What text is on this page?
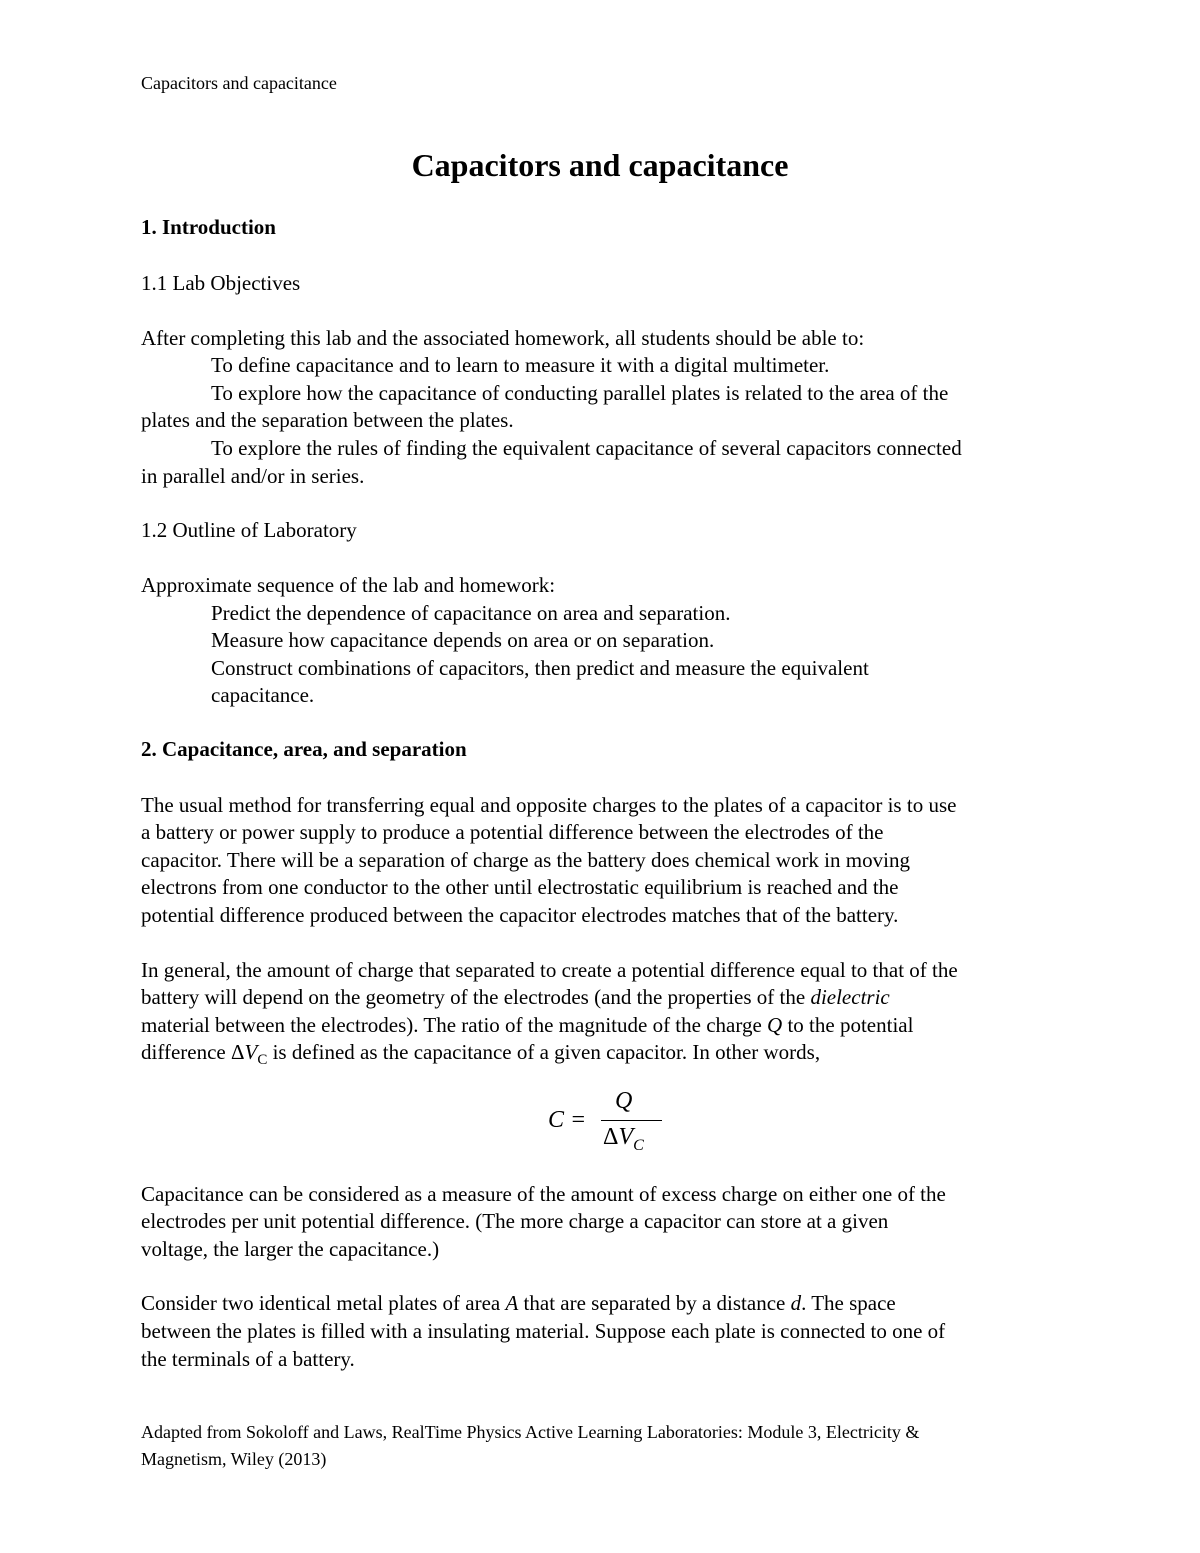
Capacitors and capacitance

Capacitors and capacitance

1. Introduction

1.1 Lab Objectives

After completing this lab and the associated homework, all students should be able to:

To define capacitance and to learn to measure it with a digital multimeter.

To explore how the capacitance of conducting parallel plates is related to the area of the

plates and the separation between the plates.

To explore the rules of finding the equivalent capacitance of several capacitors connected

in parallel and/or in series.

1.2 Outline of Laboratory

Approximate sequence of the lab and homework:

Predict the dependence of capacitance on area and separation.

Measure how capacitance depends on area or on separation.

Construct combinations of capacitors, then predict and measure the equivalent

capacitance.

2. Capacitance, area, and separation

The usual method for transferring equal and opposite charges to the plates of a capacitor is to use

a battery or power supply to produce a potential difference between the electrodes of the

capacitor. There will be a separation of charge as the battery does chemical work in moving

electrons from one conductor to the other until electrostatic equilibrium is reached and the

potential difference produced between the capacitor electrodes matches that of the battery.

In general, the amount of charge that separated to create a potential difference equal to that of the

battery will depend on the geometry of the electrodes (and the properties of the dielectric

material between the electrodes). The ratio of the magnitude of the charge Q to the potential

difference $\Delta V_C$ is defined as the capacitance of a given capacitor. In other words,

C =
Q
$\Delta V_C$

Capacitance can be considered as a measure of the amount of excess charge on either one of the

electrodes per unit potential difference. (The more charge a capacitor can store at a given

voltage, the larger the capacitance.)

Consider two identical metal plates of area A that are separated by a distance d. The space

between the plates is filled with a insulating material. Suppose each plate is connected to one of

the terminals of a battery.

Adapted from Sokoloff and Laws, RealTime Physics Active Learning Laboratories: Module 3, Electricity &

Magnetism, Wiley (2013)
